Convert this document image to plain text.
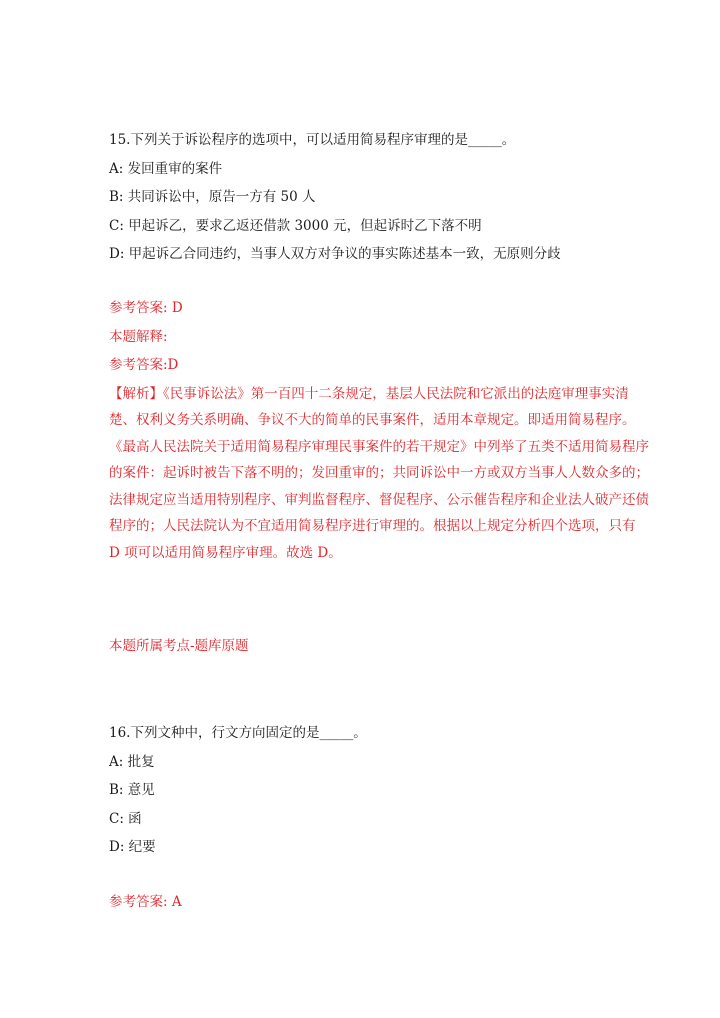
15.下列关于诉讼程序的选项中，可以适用简易程序审理的是_____。
A: 发回重审的案件
B: 共同诉讼中，原告一方有 50 人
C: 甲起诉乙，要求乙返还借款 3000 元，但起诉时乙下落不明
D: 甲起诉乙合同违约，当事人双方对争议的事实陈述基本一致，无原则分歧
参考答案: D
本题解释:
参考答案:D
【解析】《民事诉讼法》第一百四十二条规定，基层人民法院和它派出的法庭审理事实清楚、权利义务关系明确、争议不大的简单的民事案件，适用本章规定。即适用简易程序。《最高人民法院关于适用简易程序审理民事案件的若干规定》中列举了五类不适用简易程序的案件：起诉时被告下落不明的；发回重审的；共同诉讼中一方或双方当事人人数众多的；法律规定应当适用特别程序、审判监督程序、督促程序、公示催告程序和企业法人破产还债程序的；人民法院认为不宜适用简易程序进行审理的。根据以上规定分析四个选项，只有 D 项可以适用简易程序审理。故选 D。
本题所属考点-题库原题
16.下列文种中，行文方向固定的是_____。
A: 批复
B: 意见
C: 函
D: 纪要
参考答案: A
